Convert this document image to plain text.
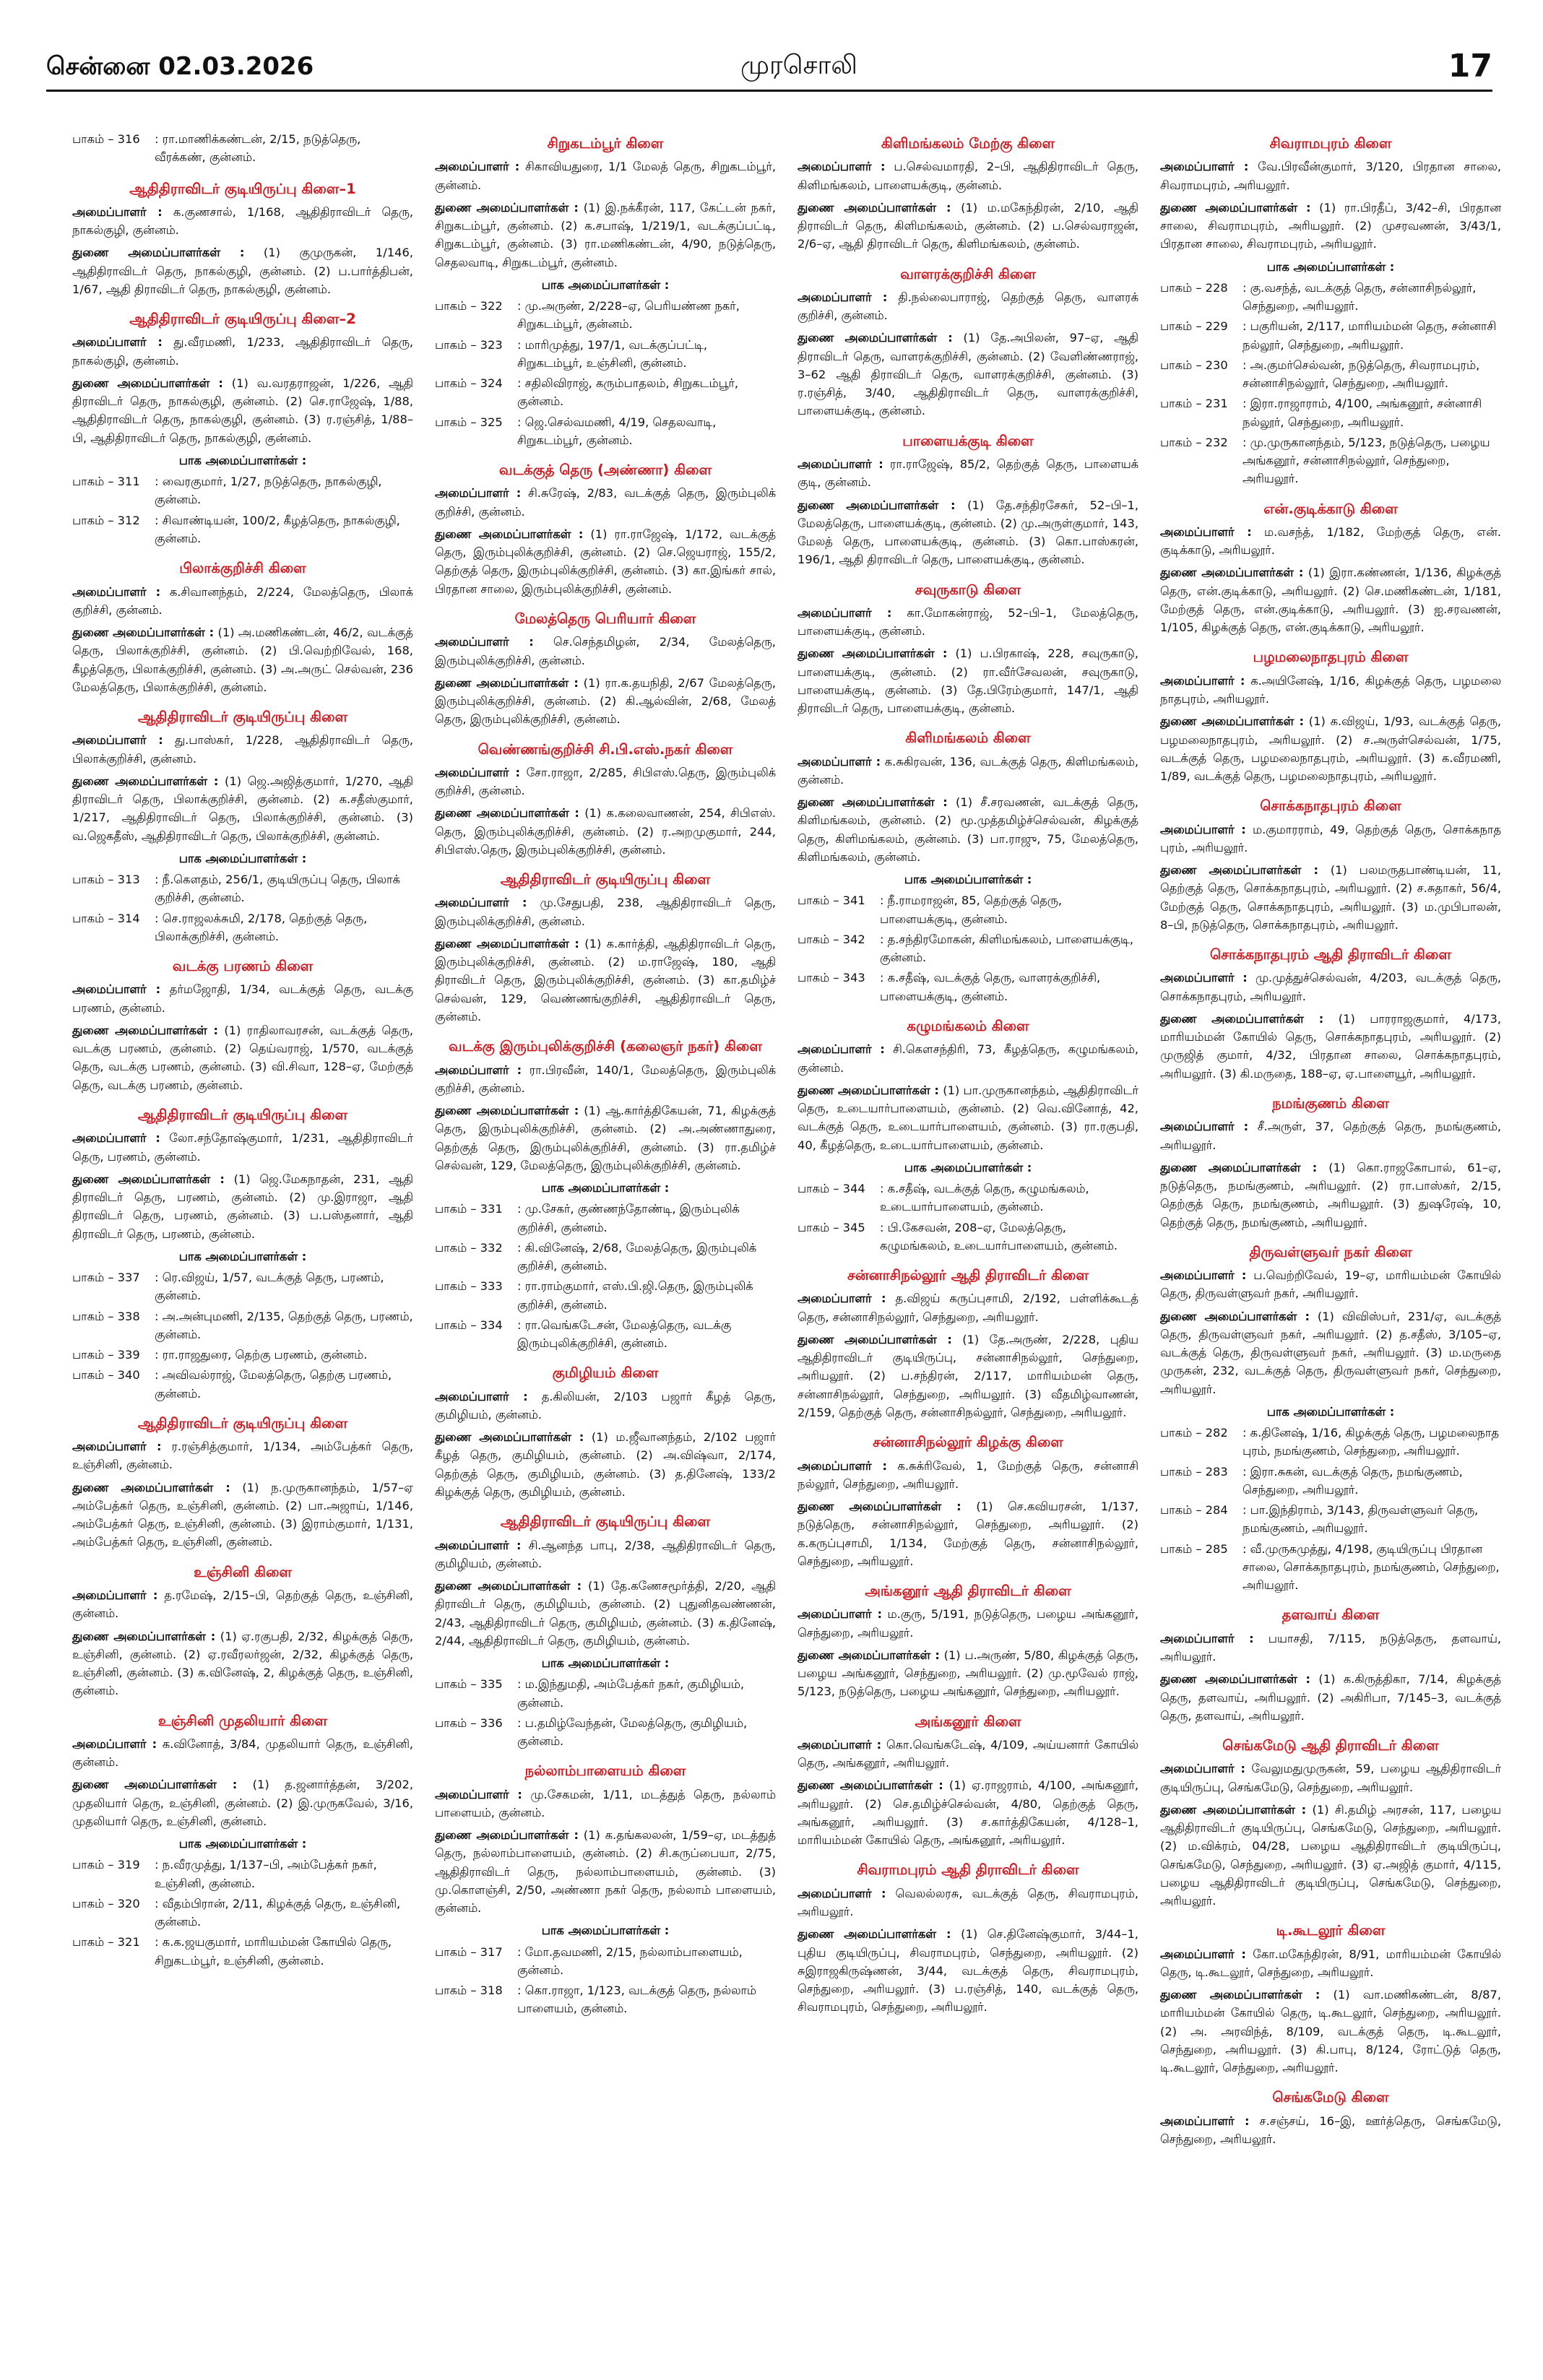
சென்னை 02.03.2026	முரசொலி	17
பாகம் – 316	: ரா.மாணிக்கண்டன், 2/15, நடுத்தெரு, வீரக்கண், குன்னம்.
ஆதிதிராவிடர் குடியிருப்பு கிளை–1
அமைப்பாளர் : க.குணசால், 1/168, ஆதிதிராவிடர் தெரு, நாகல்குழி, குன்னம்.
துணை அமைப்பாளர்கள் : (1) குமுருகன், 1/146, ஆதிதிராவிடர் தெரு, நாகல்குழி, குன்னம். (2) ப.பார்த்திபன், 1/67, ஆதி திராவிடர் தெரு, நாகல்குழி, குன்னம்.
ஆதிதிராவிடர் குடியிருப்பு கிளை–2
அமைப்பாளர் : து.வீரமணி, 1/233, ஆதிதிராவிடர் தெரு, நாகல்குழி, குன்னம்.
துணை அமைப்பாளர்கள் : (1) வ.வரதராஜன், 1/226, ஆதி திராவிடர் தெரு, நாகல்குழி, குன்னம். (2) செ.ராஜேஷ், 1/88, ஆதிதிராவிடர் தெரு, நாகல்குழி, குன்னம். (3) ர.ரஞ்சித், 1/88–பி, ஆதிதிராவிடர் தெரு, நாகல்குழி, குன்னம்.
பாக அமைப்பாளர்கள் :
பாகம் – 311	: வைரகுமார், 1/27, நடுத்தெரு, நாகல்குழி, குன்னம்.
பாகம் – 312	: சிவாண்டியன், 100/2, கீழத்தெரு, நாகல்குழி, குன்னம்.
பிலாக்குறிச்சி கிளை
அமைப்பாளர் : க.சிவானந்தம், 2/224, மேலத்தெரு, பிலாக் குறிச்சி, குன்னம்.
துணை அமைப்பாளர்கள் : (1) அ.மணிகண்டன், 46/2, வடக்குத் தெரு, பிலாக்குறிச்சி, குன்னம். (2) பி.வெற்றிவேல், 168, கீழத்தெரு, பிலாக்குறிச்சி, குன்னம். (3) அ.அருட் செல்வன், 236 மேலத்தெரு, பிலாக்குறிச்சி, குன்னம்.
ஆதிதிராவிடர் குடியிருப்பு கிளை
அமைப்பாளர் : து.பாஸ்கர், 1/228, ஆதிதிராவிடர் தெரு, பிலாக்குறிச்சி, குன்னம்.
துணை அமைப்பாளர்கள் : (1) ஜெ.அஜித்குமார், 1/270, ஆதி திராவிடர் தெரு, பிலாக்குறிச்சி, குன்னம். (2) க.சதீஸ்குமார், 1/217, ஆதிதிராவிடர் தெரு, பிலாக்குறிச்சி, குன்னம். (3) வ.ஜெகதீஸ், ஆதிதிராவிடர் தெரு, பிலாக்குறிச்சி, குன்னம்.
பாக அமைப்பாளர்கள் :
பாகம் – 313	: நீ.கௌதம், 256/1, குடியிருப்பு தெரு, பிலாக் குறிச்சி, குன்னம்.
பாகம் – 314	: செ.ராஜலக்சுமி, 2/178, தெற்குத் தெரு, பிலாக்குறிச்சி, குன்னம்.
வடக்கு பரணம் கிளை
அமைப்பாளர் : தர்மஜோதி, 1/34, வடக்குத் தெரு, வடக்கு பரணம், குன்னம்.
துணை அமைப்பாளர்கள் : (1) ராதிலாவரசன், வடக்குத் தெரு, வடக்கு பரணம், குன்னம். (2) தெய்வராஜ், 1/570, வடக்குத் தெரு, வடக்கு பரணம், குன்னம். (3) வி.சிவா, 128–ஏ, மேற்குத் தெரு, வடக்கு பரணம், குன்னம்.
ஆதிதிராவிடர் குடியிருப்பு கிளை
அமைப்பாளர் : லோ.சந்தோஷ்குமார், 1/231, ஆதிதிராவிடர் தெரு, பரணம், குன்னம்.
துணை அமைப்பாளர்கள் : (1) ஜெ.மேகநாதன், 231, ஆதி திராவிடர் தெரு, பரணம், குன்னம். (2) மு.இராஜா, ஆதி திராவிடர் தெரு, பரணம், குன்னம். (3) ப.பஸ்தனார், ஆதி திராவிடர் தெரு, பரணம், குன்னம்.
பாக அமைப்பாளர்கள் :
பாகம் – 337	: ரெ.விஜய், 1/57, வடக்குத் தெரு, பரணம், குன்னம்.
பாகம் – 338	: அ.அன்புமணி, 2/135, தெற்குத் தெரு, பரணம், குன்னம்.
பாகம் – 339	: ரா.ராஜதுரை, தெற்கு பரணம், குன்னம்.
பாகம் – 340	: அவிவல்ராஜ், மேலத்தெரு, தெற்கு பரணம், குன்னம்.
ஆதிதிராவிடர் குடியிருப்பு கிளை
அமைப்பாளர் : ர.ரஞ்சித்குமார், 1/134, அம்பேத்கர் தெரு, உஞ்சினி, குன்னம்.
துணை அமைப்பாளர்கள் : (1) ந.முருகானந்தம், 1/57–ஏ அம்பேத்கர் தெரு, உஞ்சினி, குன்னம். (2) பா.அஜாய், 1/146, அம்பேத்கர் தெரு, உஞ்சினி, குன்னம். (3) இராம்குமார், 1/131, அம்பேத்கர் தெரு, உஞ்சினி, குன்னம்.
உஞ்சினி கிளை
அமைப்பாளர் : த.ரமேஷ், 2/15–பி, தெற்குத் தெரு, உஞ்சினி, குன்னம்.
துணை அமைப்பாளர்கள் : (1) ஏ.ரகுபதி, 2/32, கிழக்குத் தெரு, உஞ்சினி, குன்னம். (2) ஏ.ரவீரலர்ஜன், 2/32, கிழக்குத் தெரு, உஞ்சினி, குன்னம். (3) க.வினேஷ், 2, கிழக்குத் தெரு, உஞ்சினி, குன்னம்.
உஞ்சினி முதலியார் கிளை
அமைப்பாளர் : க.வினோத், 3/84, முதலியார் தெரு, உஞ்சினி, குன்னம்.
துணை அமைப்பாளர்கள் : (1) த.ஜனார்த்தன், 3/202, முதலியார் தெரு, உஞ்சினி, குன்னம். (2) இ.முருகவேல், 3/16, முதலியார் தெரு, உஞ்சினி, குன்னம்.
பாக அமைப்பாளர்கள் :
பாகம் – 319	: ந.வீரமுத்து, 1/137–பி, அம்பேத்கர் நகர், உஞ்சினி, குன்னம்.
பாகம் – 320	: வீதம்பிரான், 2/11, கிழக்குத் தெரு, உஞ்சினி, குன்னம்.
பாகம் – 321	: க.க.ஜயகுமார், மாரியம்மன் கோயில் தெரு, சிறுகடம்பூர், உஞ்சினி, குன்னம்.
சிறுகடம்பூர் கிளை
அமைப்பாளர் : சிகாவியதுரை, 1/1 மேலத் தெரு, சிறுகடம்பூர், குன்னம்.
துணை அமைப்பாளர்கள் : (1) இ.நக்கீரன், 117, கேட்டன் நகர், சிறுகடம்பூர், குன்னம். (2) க.சபாஷ், 1/219/1, வடக்குப்பட்டி, சிறுகடம்பூர், குன்னம். (3) ரா.மணிகண்டன், 4/90, நடுத்தெரு, செதலவாடி, சிறுகடம்பூர், குன்னம்.
பாக அமைப்பாளர்கள் :
பாகம் – 322	: மு.அருண், 2/228–ஏ, பெரியண்ண நகர், சிறுகடம்பூர், குன்னம்.
பாகம் – 323	: மாரிமுத்து, 197/1, வடக்குப்பட்டி, சிறுகடம்பூர், உஞ்சினி, குன்னம்.
பாகம் – 324	: சதிலிவிராஜ், கரும்பாதலம், சிறுகடம்பூர், குன்னம்.
பாகம் – 325	: ஜெ.செல்வமணி, 4/19, செதலவாடி, சிறுகடம்பூர், குன்னம்.
வடக்குத் தெரு (அண்ணா) கிளை
அமைப்பாளர் : சி.சுரேஷ், 2/83, வடக்குத் தெரு, இரும்புலிக் குறிச்சி, குன்னம்.
துணை அமைப்பாளர்கள் : (1) ரா.ராஜேஷ், 1/172, வடக்குத் தெரு, இரும்புலிக்குறிச்சி, குன்னம். (2) செ.ஜெயராஜ், 155/2, தெற்குத் தெரு, இரும்புலிக்குறிச்சி, குன்னம். (3) கா.இங்கர் சால், பிரதான சாலை, இரும்புலிக்குறிச்சி, குன்னம்.
மேலத்தெரு பெரியார் கிளை
அமைப்பாளர் : செ.செந்தமிழன், 2/34, மேலத்தெரு, இரும்புலிக்குறிச்சி, குன்னம்.
துணை அமைப்பாளர்கள் : (1) ரா.க.தயநிதி, 2/67 மேலத்தெரு, இரும்புலிக்குறிச்சி, குன்னம். (2) கி.ஆல்வின், 2/68, மேலத் தெரு, இரும்புலிக்குறிச்சி, குன்னம்.
வெண்ணங்குறிச்சி சி.பி.எஸ்.நகர் கிளை
அமைப்பாளர் : சோ.ராஜா, 2/285, சிபிஎஸ்.தெரு, இரும்புலிக் குறிச்சி, குன்னம்.
துணை அமைப்பாளர்கள் : (1) க.கலைவாணன், 254, சிபிஎஸ். தெரு, இரும்புலிக்குறிச்சி, குன்னம். (2) ர.அறமுகுமார், 244, சிபிஎஸ்.தெரு, இரும்புலிக்குறிச்சி, குன்னம்.
ஆதிதிராவிடர் குடியிருப்பு கிளை
அமைப்பாளர் : மு.சேதுபதி, 238, ஆதிதிராவிடர் தெரு, இரும்புலிக்குறிச்சி, குன்னம்.
துணை அமைப்பாளர்கள் : (1) க.கார்த்தி, ஆதிதிராவிடர் தெரு, இரும்புலிக்குறிச்சி, குன்னம். (2) ம.ராஜேஷ், 180, ஆதி திராவிடர் தெரு, இரும்புலிக்குறிச்சி, குன்னம். (3) கா.தமிழ்ச் செல்வன், 129, வெண்ணங்குறிச்சி, ஆதிதிராவிடர் தெரு, குன்னம்.
வடக்கு இரும்புலிக்குறிச்சி (கலைஞர் நகர்) கிளை
அமைப்பாளர் : ரா.பிரவீன், 140/1, மேலத்தெரு, இரும்புலிக் குறிச்சி, குன்னம்.
துணை அமைப்பாளர்கள் : (1) ஆ.கார்த்திகேயன், 71, கிழக்குத் தெரு, இரும்புலிக்குறிச்சி, குன்னம். (2) அ.அண்ணாதுரை, தெற்குத் தெரு, இரும்புலிக்குறிச்சி, குன்னம். (3) ரா.தமிழ்ச் செல்வன், 129, மேலத்தெரு, இரும்புலிக்குறிச்சி, குன்னம்.
பாக அமைப்பாளர்கள் :
பாகம் – 331	: மு.சேகர், குண்ணந்தோண்டி, இரும்புலிக் குறிச்சி, குன்னம்.
பாகம் – 332	: கி.வினேஷ், 2/68, மேலத்தெரு, இரும்புலிக் குறிச்சி, குன்னம்.
பாகம் – 333	: ரா.ராம்குமார், எஸ்.பி.ஜி.தெரு, இரும்புலிக் குறிச்சி, குன்னம்.
பாகம் – 334	: ரா.வெங்கடேசன், மேலத்தெரு, வடக்கு இரும்புலிக்குறிச்சி, குன்னம்.
குமிழியம் கிளை
அமைப்பாளர் : த.கிலியன், 2/103 பஜார் கீழத் தெரு, குமிழியம், குன்னம்.
துணை அமைப்பாளர்கள் : (1) ம.ஜீவானந்தம், 2/102 பஜார் கீழத் தெரு, குமிழியம், குன்னம். (2) அ.விஷ்வா, 2/174, தெற்குத் தெரு, குமிழியம், குன்னம். (3) த.தினேஷ், 133/2 கிழக்குத் தெரு, குமிழியம், குன்னம்.
ஆதிதிராவிடர் குடியிருப்பு கிளை
அமைப்பாளர் : சி.ஆனந்த பாபு, 2/38, ஆதிதிராவிடர் தெரு, குமிழியம், குன்னம்.
துணை அமைப்பாளர்கள் : (1) தே.கணேசமூர்த்தி, 2/20, ஆதி திராவிடர் தெரு, குமிழியம், குன்னம். (2) புதுனிதவண்ணன், 2/43, ஆதிதிராவிடர் தெரு, குமிழியம், குன்னம். (3) க.தினேஷ், 2/44, ஆதிதிராவிடர் தெரு, குமிழியம், குன்னம்.
பாக அமைப்பாளர்கள் :
பாகம் – 335	: ம.இந்துமதி, அம்பேத்கர் நகர், குமிழியம், குன்னம்.
பாகம் – 336	: ப.தமிழ்வேந்தன், மேலத்தெரு, குமிழியம், குன்னம்.
நல்லாம்பாளையம் கிளை
அமைப்பாளர் : மு.சேகமன், 1/11, மடத்துத் தெரு, நல்லாம் பாளையம், குன்னம்.
துணை அமைப்பாளர்கள் : (1) க.தங்கலலன், 1/59–ஏ, மடத்துத் தெரு, நல்லாம்பாளையம், குன்னம். (2) சி.கருப்பையா, 2/75, ஆதிதிராவிடர் தெரு, நல்லாம்பாளையம், குன்னம். (3) மு.கொளஞ்சி, 2/50, அண்ணா நகர் தெரு, நல்லாம் பாளையம், குன்னம்.
பாக அமைப்பாளர்கள் :
பாகம் – 317	: மோ.தவமணி, 2/15, நல்லாம்பாளையம், குன்னம்.
பாகம் – 318	: கொ.ராஜா, 1/123, வடக்குத் தெரு, நல்லாம் பாளையம், குன்னம்.
கிளிமங்கலம் மேற்கு கிளை
அமைப்பாளர் : ப.செல்வமாரதி, 2–பி, ஆதிதிராவிடர் தெரு, கிளிமங்கலம், பாளையக்குடி, குன்னம்.
துணை அமைப்பாளர்கள் : (1) ம.மகேந்திரன், 2/10, ஆதி திராவிடர் தெரு, கிளிமங்கலம், குன்னம். (2) ப.செல்வராஜன், 2/6–ஏ, ஆதி திராவிடர் தெரு, கிளிமங்கலம், குன்னம்.
வாளரக்குறிச்சி கிளை
அமைப்பாளர் : தி.நல்லைபாராஜ், தெற்குத் தெரு, வாளரக் குறிச்சி, குன்னம்.
துணை அமைப்பாளர்கள் : (1) தே.அபிலன், 97–ஏ, ஆதி திராவிடர் தெரு, வாளரக்குறிச்சி, குன்னம். (2) வேளிண்ணராஜ், 3–62 ஆதி திராவிடர் தெரு, வாளரக்குறிச்சி, குன்னம். (3) ர.ரஞ்சித், 3/40, ஆதிதிராவிடர் தெரு, வாளரக்குறிச்சி, பாளையக்குடி, குன்னம்.
பாளையக்குடி கிளை
அமைப்பாளர் : ரா.ராஜேஷ், 85/2, தெற்குத் தெரு, பாளையக் குடி, குன்னம்.
துணை அமைப்பாளர்கள் : (1) தே.சந்திரசேகர், 52–பி–1, மேலத்தெரு, பாளையக்குடி, குன்னம். (2) மு.அருள்குமார், 143, மேலத் தெரு, பாளையக்குடி, குன்னம். (3) கொ.பாஸ்கரன், 196/1, ஆதி திராவிடர் தெரு, பாளையக்குடி, குன்னம்.
சவுருகாடு கிளை
அமைப்பாளர் : கா.மோகன்ராஜ், 52–பி–1, மேலத்தெரு, பாளையக்குடி, குன்னம்.
துணை அமைப்பாளர்கள் : (1) ப.பிரகாஷ், 228, சவுருகாடு, பாளையக்குடி, குன்னம். (2) ரா.வீர்சேவலன், சவுருகாடு, பாளையக்குடி, குன்னம். (3) தே.பிரேம்குமார், 147/1, ஆதி திராவிடர் தெரு, பாளையக்குடி, குன்னம்.
கிளிமங்கலம் கிளை
அமைப்பாளர் : க.சுகிரவன், 136, வடக்குத் தெரு, கிளிமங்கலம், குன்னம்.
துணை அமைப்பாளர்கள் : (1) சீ.சரவணன், வடக்குத் தெரு, கிளிமங்கலம், குன்னம். (2) மூ.முத்தமிழ்ச்செல்வன், கிழக்குத் தெரு, கிளிமங்கலம், குன்னம். (3) பா.ராஜு, 75, மேலத்தெரு, கிளிமங்கலம், குன்னம்.
பாக அமைப்பாளர்கள் :
பாகம் – 341	: நீ.ராமராஜன், 85, தெற்குத் தெரு, பாளையக்குடி, குன்னம்.
பாகம் – 342	: த.சந்திரமோகன், கிளிமங்கலம், பாளையக்குடி, குன்னம்.
பாகம் – 343	: க.சதீஷ், வடக்குத் தெரு, வாளரக்குறிச்சி, பாளையக்குடி, குன்னம்.
கழுமங்கலம் கிளை
அமைப்பாளர் : சி.கௌசந்திரி, 73, கீழத்தெரு, கழுமங்கலம், குன்னம்.
துணை அமைப்பாளர்கள் : (1) பா.முருகானந்தம், ஆதிதிராவிடர் தெரு, உடையார்பாளையம், குன்னம். (2) வெ.வினோத், 42, வடக்குத் தெரு, உடையார்பாளையம், குன்னம். (3) ரா.ரகுபதி, 40, கீழத்தெரு, உடையார்பாளையம், குன்னம்.
பாக அமைப்பாளர்கள் :
பாகம் – 344	: க.சதீஷ், வடக்குத் தெரு, கழுமங்கலம், உடையார்பாளையம், குன்னம்.
பாகம் – 345	: பி.கேசவன், 208–ஏ, மேலத்தெரு, கழுமங்கலம், உடையார்பாளையம், குன்னம்.
சன்னாசிநல்லூர் ஆதி திராவிடர் கிளை
அமைப்பாளர் : த.விஜய் கருப்புசாமி, 2/192, பள்ளிக்கூடத் தெரு, சன்னாசிநல்லூர், செந்துறை, அரியலூர்.
துணை அமைப்பாளர்கள் : (1) தே.அருண், 2/228, புதிய ஆதிதிராவிடர் குடியிருப்பு, சன்னாசிநல்லூர், செந்துறை, அரியலூர். (2) ப.சந்திரன், 2/117, மாரியம்மன் தெரு, சன்னாசிநல்லூர், செந்துறை, அரியலூர். (3) வீதமிழ்வாணன், 2/159, தெற்குத் தெரு, சன்னாசிநல்லூர், செந்துறை, அரியலூர்.
சன்னாசிநல்லூர் கிழக்கு கிளை
அமைப்பாளர் : க.சுக்ரிவேல், 1, மேற்குத் தெரு, சன்னாசி நல்லூர், செந்துறை, அரியலூர்.
துணை அமைப்பாளர்கள் : (1) செ.கவியரசன், 1/137, நடுத்தெரு, சன்னாசிநல்லூர், செந்துறை, அரியலூர். (2) க.கருப்புசாமி, 1/134, மேற்குத் தெரு, சன்னாசிநல்லூர், செந்துறை, அரியலூர்.
அங்கனூர் ஆதி திராவிடர் கிளை
அமைப்பாளர் : ம.குரு, 5/191, நடுத்தெரு, பழைய அங்கனூர், செந்துறை, அரியலூர்.
துணை அமைப்பாளர்கள் : (1) ப.அருண், 5/80, கிழக்குத் தெரு, பழைய அங்கனூர், செந்துறை, அரியலூர். (2) மு.மூவேல் ராஜ், 5/123, நடுத்தெரு, பழைய அங்கனூர், செந்துறை, அரியலூர்.
அங்கனூர் கிளை
அமைப்பாளர் : கொ.வெங்கடேஷ், 4/109, அய்யனார் கோயில் தெரு, அங்கனூர், அரியலூர்.
துணை அமைப்பாளர்கள் : (1) ஏ.ராஜராம், 4/100, அங்கனூர், அரியலூர். (2) செ.தமிழ்ச்செல்வன், 4/80, தெற்குத் தெரு, அங்கனூர், அரியலூர். (3) ச.கார்த்திகேயன், 4/128–1, மாரியம்மன் கோயில் தெரு, அங்கனூர், அரியலூர்.
சிவராமபுரம் ஆதி திராவிடர் கிளை
அமைப்பாளர் : வெலல்லரசு, வடக்குத் தெரு, சிவராமபுரம், அரியலூர்.
துணை அமைப்பாளர்கள் : (1) செ.தினேஷ்குமார், 3/44–1, புதிய குடியிருப்பு, சிவராமபுரம், செந்துறை, அரியலூர். (2) சுஇராஜகிருஷ்ணன், 3/44, வடக்குத் தெரு, சிவராமபுரம், செந்துறை, அரியலூர். (3) ப.ரஞ்சித், 140, வடக்குத் தெரு, சிவராமபுரம், செந்துறை, அரியலூர்.
சிவராமபுரம் கிளை
அமைப்பாளர் : வே.பிரவீன்குமார், 3/120, பிரதான சாலை, சிவராமபுரம், அரியலூர்.
துணை அமைப்பாளர்கள் : (1) ரா.பிரதீப், 3/42–சி, பிரதான சாலை, சிவராமபுரம், அரியலூர். (2) முசரவணன், 3/43/1, பிரதான சாலை, சிவராமபுரம், அரியலூர்.
பாக அமைப்பாளர்கள் :
பாகம் – 228	: கு.வசந்த், வடக்குத் தெரு, சன்னாசிநல்லூர், செந்துறை, அரியலூர்.
பாகம் – 229	: பகுரியன், 2/117, மாரியம்மன் தெரு, சன்னாசி நல்லூர், செந்துறை, அரியலூர்.
பாகம் – 230	: அ.குமர்செல்வன், நடுத்தெரு, சிவராமபுரம், சன்னாசிநல்லூர், செந்துறை, அரியலூர்.
பாகம் – 231	: இரா.ராஜாராம், 4/100, அங்கனூர், சன்னாசி நல்லூர், செந்துறை, அரியலூர்.
பாகம் – 232	: மு.முருகானந்தம், 5/123, நடுத்தெரு, பழைய அங்கனூர், சன்னாசிநல்லூர், செந்துறை, அரியலூர்.
என்.குடிக்காடு கிளை
அமைப்பாளர் : ம.வசந்த், 1/182, மேற்குத் தெரு, என். குடிக்காடு, அரியலூர்.
துணை அமைப்பாளர்கள் : (1) இரா.கண்ணன், 1/136, கிழக்குத் தெரு, என்.குடிக்காடு, அரியலூர். (2) செ.மணிகண்டன், 1/181, மேற்குத் தெரு, என்.குடிக்காடு, அரியலூர். (3) ஐ.சரவணன், 1/105, கிழக்குத் தெரு, என்.குடிக்காடு, அரியலூர்.
பழமலைநாதபுரம் கிளை
அமைப்பாளர் : க.அயினேஷ், 1/16, கிழக்குத் தெரு, பழமலை நாதபுரம், அரியலூர்.
துணை அமைப்பாளர்கள் : (1) க.விஜய், 1/93, வடக்குத் தெரு, பழமலைநாதபுரம், அரியலூர். (2) ச.அருள்செல்வன், 1/75, வடக்குத் தெரு, பழமலைநாதபுரம், அரியலூர். (3) க.வீரமணி, 1/89, வடக்குத் தெரு, பழமலைநாதபுரம், அரியலூர்.
சொக்கநாதபுரம் கிளை
அமைப்பாளர் : ம.குமாரராம், 49, தெற்குத் தெரு, சொக்கநாத புரம், அரியலூர்.
துணை அமைப்பாளர்கள் : (1) பலமருதபாண்டியன், 11, தெற்குத் தெரு, சொக்கநாதபுரம், அரியலூர். (2) ச.சுதாகர், 56/4, மேற்குத் தெரு, சொக்கநாதபுரம், அரியலூர். (3) ம.முபிபாலன், 8–பி, நடுத்தெரு, சொக்கநாதபுரம், அரியலூர்.
சொக்கநாதபுரம் ஆதி திராவிடர் கிளை
அமைப்பாளர் : மு.முத்துச்செல்வன், 4/203, வடக்குத் தெரு, சொக்கநாதபுரம், அரியலூர்.
துணை அமைப்பாளர்கள் : (1) பாரராஜகுமார், 4/173, மாரியம்மன் கோயில் தெரு, சொக்கநாதபுரம், அரியலூர். (2) முருஜித் குமார், 4/32, பிரதான சாலை, சொக்கநாதபுரம், அரியலூர். (3) கி.மருதை, 188–ஏ, ஏ.பாளையூர், அரியலூர்.
நமங்குணம் கிளை
அமைப்பாளர் : சீ.அருள், 37, தெற்குத் தெரு, நமங்குணம், அரியலூர்.
துணை அமைப்பாளர்கள் : (1) கொ.ராஜகோபால், 61–ஏ, நடுத்தெரு, நமங்குணம், அரியலூர். (2) ரா.பாஸ்கர், 2/15, தெற்குத் தெரு, நமங்குணம், அரியலூர். (3) துஷரேஷ், 10, தெற்குத் தெரு, நமங்குணம், அரியலூர்.
திருவள்ளுவர் நகர் கிளை
அமைப்பாளர் : ப.வெற்றிவேல், 19–ஏ, மாரியம்மன் கோயில் தெரு, திருவள்ளுவர் நகர், அரியலூர்.
துணை அமைப்பாளர்கள் : (1) விவிஸ்பர், 231/ஏ, வடக்குத் தெரு, திருவள்ளுவர் நகர், அரியலூர். (2) த.சதீஸ், 3/105–ஏ, வடக்குத் தெரு, திருவள்ளுவர் நகர், அரியலூர். (3) ம.மருதை முருகன், 232, வடக்குத் தெரு, திருவள்ளுவர் நகர், செந்துறை, அரியலூர்.
பாக அமைப்பாளர்கள் :
பாகம் – 282	: க.தினேஷ், 1/16, கிழக்குத் தெரு, பழமலைநாத புரம், நமங்குணம், செந்துறை, அரியலூர்.
பாகம் – 283	: இரா.சுகன், வடக்குத் தெரு, நமங்குணம், செந்துறை, அரியலூர்.
பாகம் – 284	: பா.இந்திராம், 3/143, திருவள்ளுவர் தெரு, நமங்குணம், அரியலூர்.
பாகம் – 285	: வீ.முருகமுத்து, 4/198, குடியிருப்பு பிரதான சாலை, சொக்கநாதபுரம், நமங்குணம், செந்துறை, அரியலூர்.
தளவாய் கிளை
அமைப்பாளர் : பயாசதி, 7/115, நடுத்தெரு, தளவாய், அரியலூர்.
துணை அமைப்பாளர்கள் : (1) க.கிருத்திகா, 7/14, கிழக்குத் தெரு, தளவாய், அரியலூர். (2) அகிரிபா, 7/145–3, வடக்குத் தெரு, தளவாய், அரியலூர்.
செங்கமேடு ஆதி திராவிடர் கிளை
அமைப்பாளர் : வேலுமதுமுருகன், 59, பழைய ஆதிதிராவிடர் குடியிருப்பு, செங்கமேடு, செந்துறை, அரியலூர்.
துணை அமைப்பாளர்கள் : (1) சி.தமிழ் அரசன், 117, பழைய ஆதிதிராவிடர் குடியிருப்பு, செங்கமேடு, செந்துறை, அரியலூர். (2) ம.விக்ரம், 04/28, பழைய ஆதிதிராவிடர் குடியிருப்பு, செங்கமேடு, செந்துறை, அரியலூர். (3) ஏ.அஜித் குமார், 4/115, பழைய ஆதிதிராவிடர் குடியிருப்பு, செங்கமேடு, செந்துறை, அரியலூர்.
டி.கூடலூர் கிளை
அமைப்பாளர் : கோ.மகேந்திரன், 8/91, மாரியம்மன் கோயில் தெரு, டி.கூடலூர், செந்துறை, அரியலூர்.
துணை அமைப்பாளர்கள் : (1) வா.மணிகண்டன், 8/87, மாரியம்மன் கோயில் தெரு, டி.கூடலூர், செந்துறை, அரியலூர். (2) அ. அரவிந்த், 8/109, வடக்குத் தெரு, டி.கூடலூர், செந்துறை, அரியலூர். (3) கி.பாபு, 8/124, ரோட்டுத் தெரு, டி.கூடலூர், செந்துறை, அரியலூர்.
செங்கமேடு கிளை
அமைப்பாளர் : ச.சஞ்சய், 16–இ, ஊர்த்தெரு, செங்கமேடு, செந்துறை, அரியலூர்.
